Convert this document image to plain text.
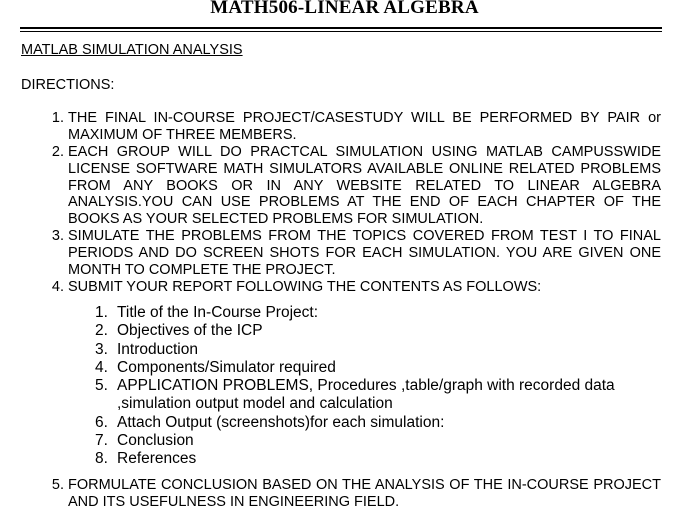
MATH506-LINEAR ALGEBRA

MATLAB SIMULATION ANALYSIS

DIRECTIONS:

1. THE FINAL IN-COURSE PROJECT/CASESTUDY WILL BE PERFORMED BY PAIR or MAXIMUM OF THREE MEMBERS.
2. EACH GROUP WILL DO PRACTCAL SIMULATION USING MATLAB CAMPUSSWIDE LICENSE SOFTWARE MATH SIMULATORS AVAILABLE ONLINE RELATED PROBLEMS FROM ANY BOOKS OR IN ANY WEBSITE RELATED TO LINEAR ALGEBRA ANALYSIS.YOU CAN USE PROBLEMS AT THE END OF EACH CHAPTER OF THE BOOKS AS YOUR SELECTED PROBLEMS FOR SIMULATION.
3. SIMULATE THE PROBLEMS FROM THE TOPICS COVERED FROM TEST I TO FINAL PERIODS AND DO SCREEN SHOTS FOR EACH SIMULATION. YOU ARE GIVEN ONE MONTH TO COMPLETE THE PROJECT.
4. SUBMIT YOUR REPORT FOLLOWING THE CONTENTS AS FOLLOWS:
1. Title of the In-Course Project:
2. Objectives of the ICP
3. Introduction
4. Components/Simulator required
5. APPLICATION PROBLEMS, Procedures ,table/graph with recorded data ,simulation output model and calculation
6. Attach Output (screenshots)for each simulation:
7. Conclusion
8. References
5. FORMULATE CONCLUSION BASED ON THE ANALYSIS OF THE IN-COURSE PROJECT AND ITS USEFULNESS IN ENGINEERING FIELD.
